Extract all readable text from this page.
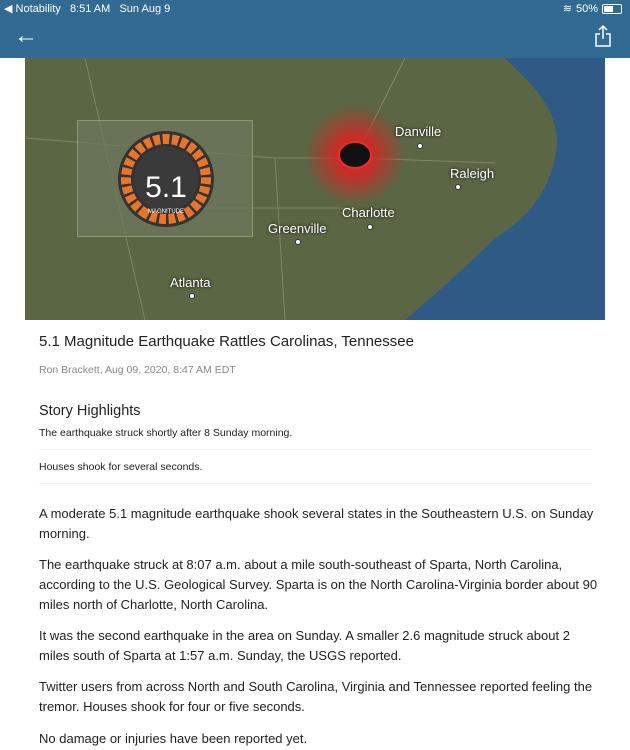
◀ Notability 8:51 AM Sun Aug 9	≋ 50%
←
Danville
Raleigh
Charlotte
Greenville
Atlanta
5.1
MAGNITUDE
5.1 Magnitude Earthquake Rattles Carolinas, Tennessee
Ron Brackett, Aug 09, 2020, 8:47 AM EDT
Story Highlights
The earthquake struck shortly after 8 Sunday morning.
Houses shook for several seconds.

A moderate 5.1 magnitude earthquake shook several states in the Southeastern U.S. on Sunday morning.

The earthquake struck at 8:07 a.m. about a mile south-southeast of Sparta, North Carolina, according to the U.S. Geological Survey. Sparta is on the North Carolina-Virginia border about 90 miles north of Charlotte, North Carolina.

It was the second earthquake in the area on Sunday. A smaller 2.6 magnitude struck about 2 miles south of Sparta at 1:57 a.m. Sunday, the USGS reported.

Twitter users from across North and South Carolina, Virginia and Tennessee reported feeling the tremor. Houses shook for four or five seconds.

No damage or injuries have been reported yet.
